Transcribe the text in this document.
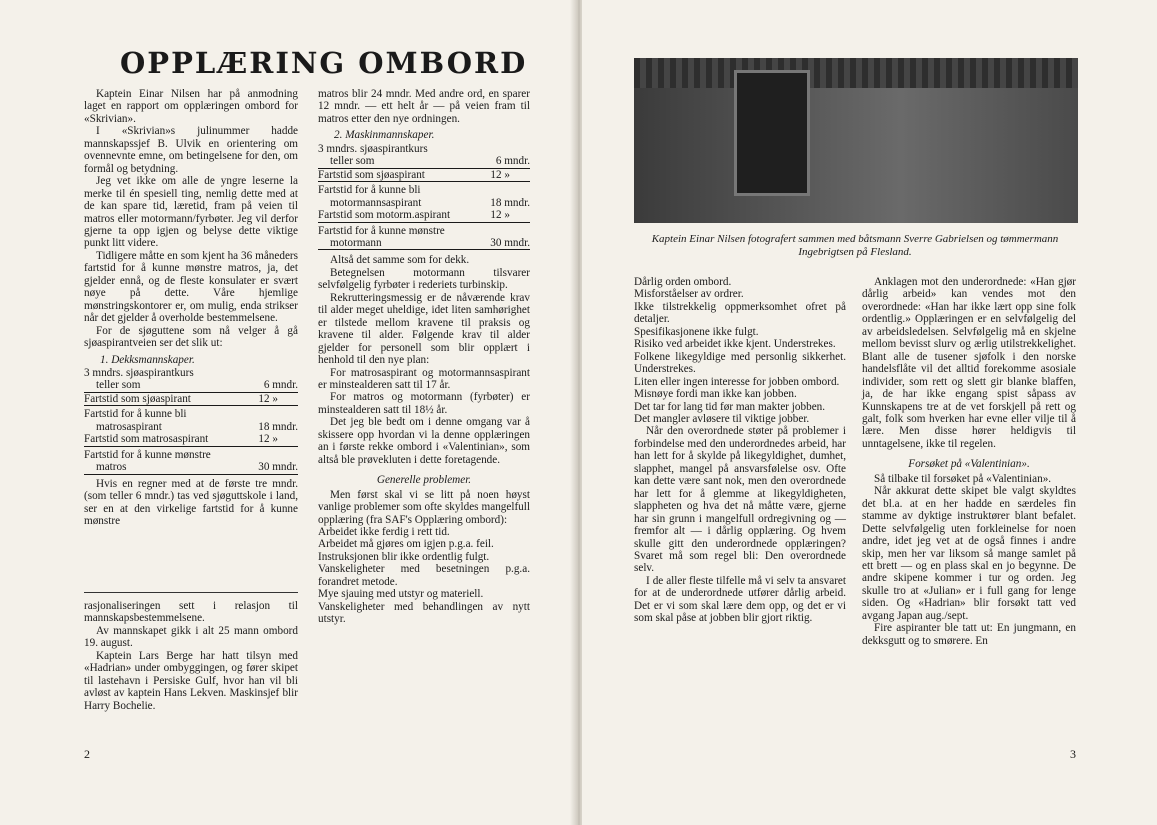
OPPLÆRING OMBORD

Kaptein Einar Nilsen har på anmodning laget en rapport om opplæringen ombord for «Skrivian».

I «Skrivian»s julinummer hadde mannskapssjef B. Ulvik en orientering om ovennevnte emne, om betingelsene for den, om formål og betydning.

Jeg vet ikke om alle de yngre leserne la merke til én spesiell ting, nemlig dette med at de kan spare tid, læretid, fram på veien til matros eller motormann/fyrbøter. Jeg vil derfor gjerne ta opp igjen og belyse dette viktige punkt litt videre.

Tidligere måtte en som kjent ha 36 måneders fartstid for å kunne mønstre matros, ja, det gjelder ennå, og de fleste konsulater er svært nøye på dette. Våre hjemlige mønstringskontorer er, om mulig, enda strikser når det gjelder å overholde bestemmelsene.

For de sjøguttene som nå velger å gå sjøaspirantveien ser det slik ut:

1. Dekksmannskaper.

3 mndrs. sjøaspirantkurs

teller som	6 mndr.
Fartstid som sjøaspirant	12 »

Fartstid for å kunne bli

matrosaspirant	18 mndr.
Fartstid som matrosaspirant	12 »

Fartstid for å kunne mønstre

matros	30 mndr.

Hvis en regner med at de første tre mndr. (som teller 6 mndr.) tas ved sjøguttskole i land, ser en at den virkelige fartstid for å kunne mønstre

rasjonaliseringen sett i relasjon til mannskapsbestemmelsene.

Av mannskapet gikk i alt 25 mann ombord 19. august.

Kaptein Lars Berge har hatt tilsyn med «Hadrian» under ombyggingen, og fører skipet til lastehavn i Persiske Gulf, hvor han vil bli avløst av kaptein Hans Lekven. Maskinsjef blir Harry Bochelie.

matros blir 24 mndr. Med andre ord, en sparer 12 mndr. — ett helt år — på veien fram til matros etter den nye ordningen.

2. Maskinmannskaper.

3 mndrs. sjøaspirantkurs

teller som	6 mndr.
Fartstid som sjøaspirant	12 »

Fartstid for å kunne bli

motormannsaspirant	18 mndr.
Fartstid som motorm.aspirant	12 »

Fartstid for å kunne mønstre

motormann	30 mndr.

Altså det samme som for dekk.

Betegnelsen motormann tilsvarer selvfølgelig fyrbøter i rederiets turbinskip.

Rekrutteringsmessig er de nåværende krav til alder meget uheldige, idet liten samhørighet er tilstede mellom kravene til praksis og kravene til alder. Følgende krav til alder gjelder for personell som blir opplært i henhold til den nye plan:

For matrosaspirant og motormannsaspirant er minstealderen satt til 17 år.

For matros og motormann (fyrbøter) er minstealderen satt til 18½ år.

Det jeg ble bedt om i denne omgang var å skissere opp hvordan vi la denne opplæringen an i første rekke ombord i «Valentinian», som altså ble prøvekluten i dette foretagende.

Generelle problemer.

Men først skal vi se litt på noen høyst vanlige problemer som ofte skyldes mangelfull opplæring (fra SAF's Opplæring ombord):

Arbeidet ikke ferdig i rett tid.

Arbeidet må gjøres om igjen p.g.a. feil.

Instruksjonen blir ikke ordentlig fulgt.

Vanskeligheter med besetningen p.g.a. forandret metode.

Mye sjauing med utstyr og materiell.

Vanskeligheter med behandlingen av nytt utstyr.

2

Kaptein Einar Nilsen fotografert sammen med båtsmann Sverre Gabrielsen og tømmermann Ingebrigtsen på Flesland.

Dårlig orden ombord.

Misforståelser av ordrer.

Ikke tilstrekkelig oppmerksomhet ofret på detaljer.

Spesifikasjonene ikke fulgt.

Risiko ved arbeidet ikke kjent. Understrekes.

Folkene likegyldige med personlig sikkerhet. Understrekes.

Liten eller ingen interesse for jobben ombord.

Misnøye fordi man ikke kan jobben.

Det tar for lang tid før man makter jobben.

Det mangler avløsere til viktige jobber.

Når den overordnede støter på problemer i forbindelse med den underordnedes arbeid, har han lett for å skylde på likegyldighet, dumhet, slapphet, mangel på ansvarsfølelse osv. Ofte kan dette være sant nok, men den overordnede har lett for å glemme at likegyldigheten, slappheten og hva det nå måtte være, gjerne har sin grunn i mangelfull ordregivning og — fremfor alt — i dårlig opplæring. Og hvem skulle gitt den underordnede opplæringen? Svaret må som regel bli: Den overordnede selv.

I de aller fleste tilfelle må vi selv ta ansvaret for at de underordnede utfører dårlig arbeid. Det er vi som skal lære dem opp, og det er vi som skal påse at jobben blir gjort riktig.

Anklagen mot den underordnede: «Han gjør dårlig arbeid» kan vendes mot den overordnede: «Han har ikke lært opp sine folk ordentlig.» Opplæringen er en selvfølgelig del av arbeidsledelsen. Selvfølgelig må en skjelne mellom bevisst slurv og ærlig utilstrekkelighet. Blant alle de tusener sjøfolk i den norske handelsflåte vil det alltid forekomme asosiale individer, som rett og slett gir blanke blaffen, ja, de har ikke engang spist såpass av Kunnskapens tre at de vet forskjell på rett og galt, folk som hverken har evne eller vilje til å lære. Men disse hører heldigvis til unntagelsene, ikke til regelen.

Forsøket på «Valentinian».

Så tilbake til forsøket på «Valentinian».

Når akkurat dette skipet ble valgt skyldtes det bl.a. at en her hadde en særdeles fin stamme av dyktige instruktører blant befalet. Dette selvfølgelig uten forkleinelse for noen andre, idet jeg vet at de også finnes i andre skip, men her var liksom så mange samlet på ett brett — og en plass skal en jo begynne. De andre skipene kommer i tur og orden. Jeg skulle tro at «Julian» er i full gang for lenge siden. Og «Hadrian» blir forsøkt tatt ved avgang Japan aug./sept.

Fire aspiranter ble tatt ut: En jungmann, en dekksgutt og to smørere. En

3
